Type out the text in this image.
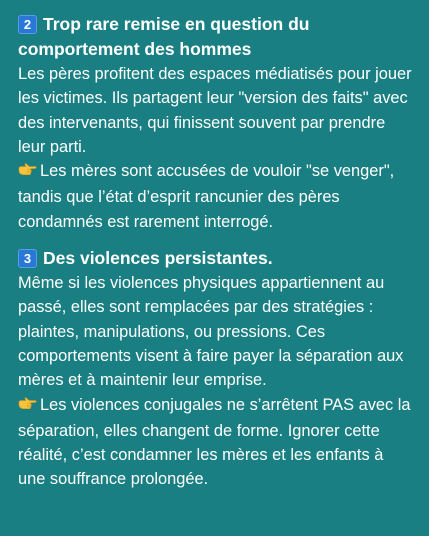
2 Trop rare remise en question du comportement des hommes

Les pères profitent des espaces médiatisés pour jouer les victimes. Ils partagent leur "version des faits" avec des intervenants, qui finissent souvent par prendre leur parti.

Les mères sont accusées de vouloir "se venger", tandis que l’état d’esprit rancunier des pères condamnés est rarement interrogé.

3 Des violences persistantes.

Même si les violences physiques appartiennent au passé, elles sont remplacées par des stratégies : plaintes, manipulations, ou pressions. Ces comportements visent à faire payer la séparation aux mères et à maintenir leur emprise.

Les violences conjugales ne s’arrêtent PAS avec la séparation, elles changent de forme. Ignorer cette réalité, c’est condamner les mères et les enfants à une souffrance prolongée.
